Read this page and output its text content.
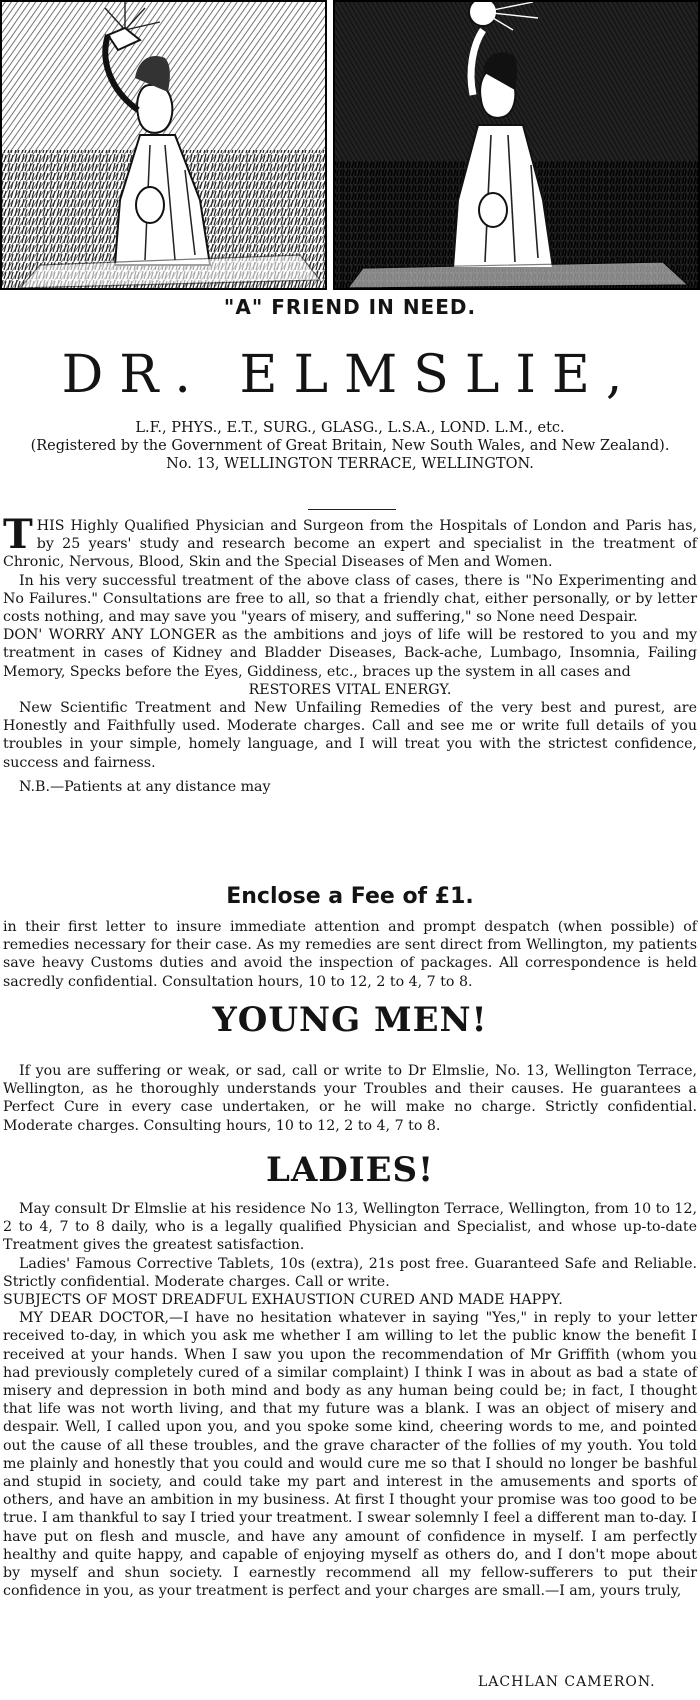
"A" FRIEND IN NEED.
DR. ELMSLIE,
L.F., PHYS., E.T., SURG., GLASG., L.S.A., LOND. L.M., etc.
(Registered by the Government of Great Britain, New South Wales, and New Zealand).
No. 13, WELLINGTON TERRACE, WELLINGTON.

THIS Highly Qualified Physician and Surgeon from the Hospitals of London and Paris has, by 25 years' study and research become an expert and specialist in the treatment of Chronic, Nervous, Blood, Skin and the Special Diseases of Men and Women.

In his very successful treatment of the above class of cases, there is "No Experimenting and No Failures." Consultations are free to all, so that a friendly chat, either personally, or by letter costs nothing, and may save you "years of misery, and suffering," so None need Despair.

DON' WORRY ANY LONGER as the ambitions and joys of life will be restored to you and my treatment in cases of Kidney and Bladder Diseases, Back-ache, Lumbago, Insomnia, Failing Memory, Specks before the Eyes, Giddiness, etc., braces up the system in all cases and

RESTORES VITAL ENERGY.

New Scientific Treatment and New Unfailing Remedies of the very best and purest, are Honestly and Faithfully used. Moderate charges. Call and see me or write full details of you troubles in your simple, homely language, and I will treat you with the strictest confidence, success and fairness.

N.B.—Patients at any distance may

Enclose a Fee of £1.

in their first letter to insure immediate attention and prompt despatch (when possible) of remedies necessary for their case. As my remedies are sent direct from Wellington, my patients save heavy Customs duties and avoid the inspection of packages. All correspondence is held sacredly confidential. Consultation hours, 10 to 12, 2 to 4, 7 to 8.

YOUNG MEN!

If you are suffering or weak, or sad, call or write to Dr Elmslie, No. 13, Wellington Terrace, Wellington, as he thoroughly understands your Troubles and their causes. He guarantees a Perfect Cure in every case undertaken, or he will make no charge. Strictly confidential. Moderate charges. Consulting hours, 10 to 12, 2 to 4, 7 to 8.

LADIES!

May consult Dr Elmslie at his residence No 13, Wellington Terrace, Wellington, from 10 to 12, 2 to 4, 7 to 8 daily, who is a legally qualified Physician and Specialist, and whose up-to-date Treatment gives the greatest satisfaction.

Ladies' Famous Corrective Tablets, 10s (extra), 21s post free. Guaranteed Safe and Reliable. Strictly confidential. Moderate charges. Call or write.

SUBJECTS OF MOST DREADFUL EXHAUSTION CURED AND MADE HAPPY.

MY DEAR DOCTOR,—I have no hesitation whatever in saying "Yes," in reply to your letter received to-day, in which you ask me whether I am willing to let the public know the benefit I received at your hands. When I saw you upon the recommendation of Mr Griffith (whom you had previously completely cured of a similar complaint) I think I was in about as bad a state of misery and depression in both mind and body as any human being could be; in fact, I thought that life was not worth living, and that my future was a blank. I was an object of misery and despair. Well, I called upon you, and you spoke some kind, cheering words to me, and pointed out the cause of all these troubles, and the grave character of the follies of my youth. You told me plainly and honestly that you could and would cure me so that I should no longer be bashful and stupid in society, and could take my part and interest in the amusements and sports of others, and have an ambition in my business. At first I thought your promise was too good to be true. I am thankful to say I tried your treatment. I swear solemnly I feel a different man to-day. I have put on flesh and muscle, and have any amount of confidence in myself. I am perfectly healthy and quite happy, and capable of enjoying myself as others do, and I don't mope about by myself and shun society. I earnestly recommend all my fellow-sufferers to put their confidence in you, as your treatment is perfect and your charges are small.—I am, yours truly,

LACHLAN CAMERON.
